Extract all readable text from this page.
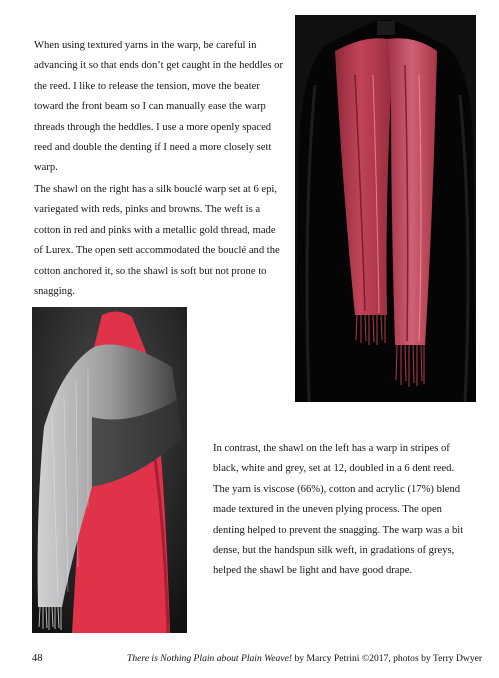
When using textured yarns in the warp, be careful in advancing it so that ends don’t get caught in the heddles or the reed. I like to release the tension, move the beater toward the front beam so I can manually ease the warp threads through the heddles. I use a more openly spaced reed and double the denting if I need a more closely sett warp.

The shawl on the right has a silk bouclé warp set at 6 epi, variegated with reds, pinks and browns. The weft is a cotton in red and pinks with a metallic gold thread, made of Lurex. The open sett accommodated the bouclé and the cotton anchored it, so the shawl is soft but not prone to snagging.

In contrast, the shawl on the left has a warp in stripes of black, white and grey, set at 12, doubled in a 6 dent reed. The yarn is viscose (66%), cotton and acrylic (17%) blend made textured in the uneven plying process. The open denting helped to prevent the snagging. The warp was a bit dense, but the handspun silk weft, in gradations of greys, helped the shawl be light and have good drape.

48	There is Nothing Plain about Plain Weave! by Marcy Petrini ©2017, photos by Terry Dwyer
